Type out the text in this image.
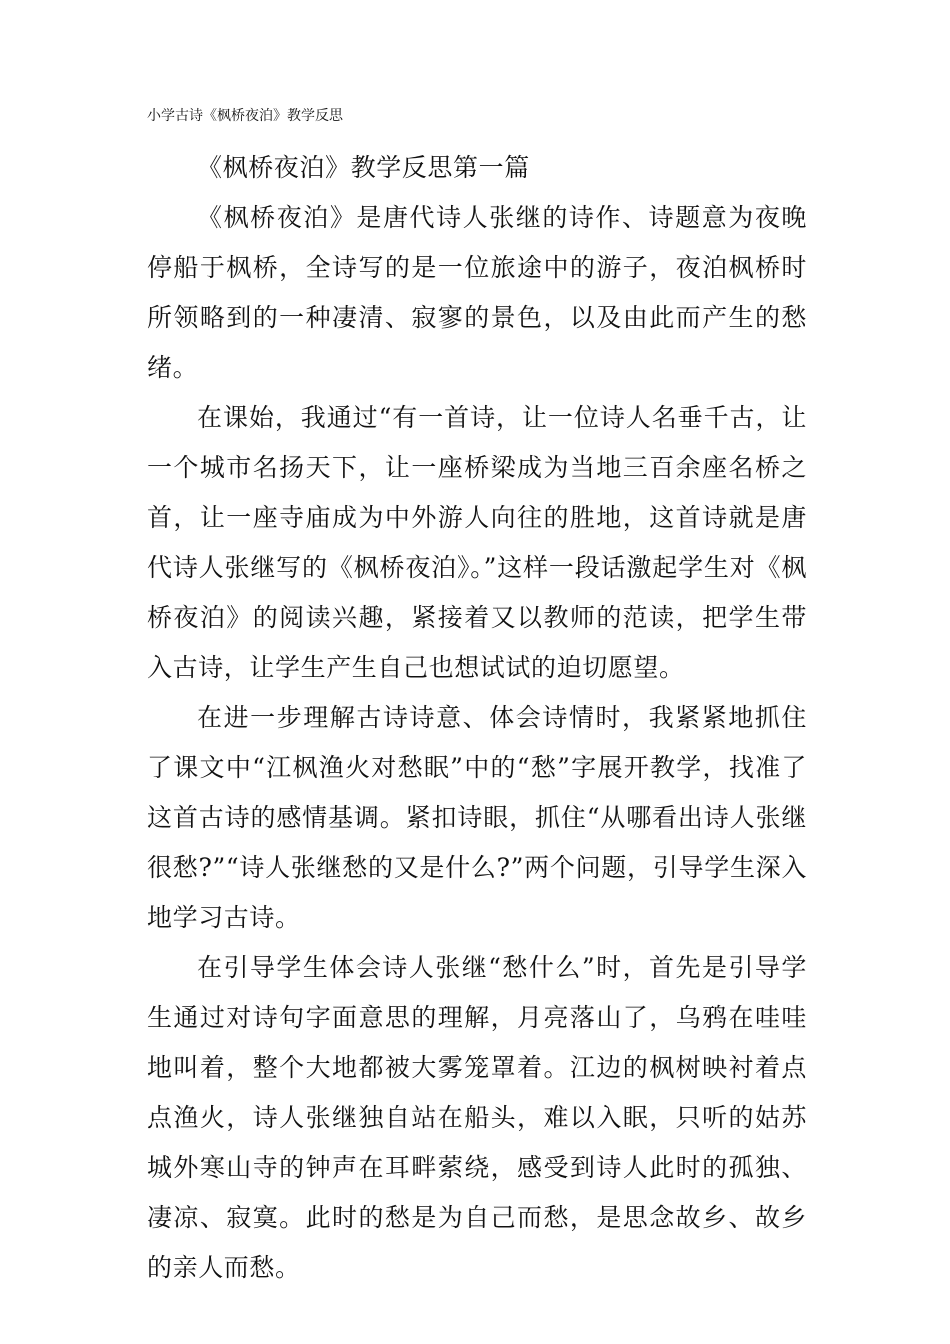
小学古诗《枫桥夜泊》教学反思

《枫桥夜泊》教学反思第一篇

《枫桥夜泊》是唐代诗人张继的诗作、诗题意为夜晚停船于枫桥，全诗写的是一位旅途中的游子，夜泊枫桥时所领略到的一种凄清、寂寥的景色，以及由此而产生的愁绪。

在课始，我通过“有一首诗，让一位诗人名垂千古，让一个城市名扬天下，让一座桥梁成为当地三百余座名桥之首，让一座寺庙成为中外游人向往的胜地，这首诗就是唐代诗人张继写的《枫桥夜泊》。”这样一段话激起学生对《枫桥夜泊》的阅读兴趣，紧接着又以教师的范读，把学生带入古诗，让学生产生自己也想试试的迫切愿望。

在进一步理解古诗诗意、体会诗情时，我紧紧地抓住了课文中“江枫渔火对愁眠”中的“愁”字展开教学，找准了这首古诗的感情基调。紧扣诗眼，抓住“从哪看出诗人张继很愁?”“诗人张继愁的又是什么?”两个问题，引导学生深入地学习古诗。

在引导学生体会诗人张继“愁什么”时，首先是引导学生通过对诗句字面意思的理解，月亮落山了，乌鸦在哇哇地叫着，整个大地都被大雾笼罩着。江边的枫树映衬着点点渔火，诗人张继独自站在船头，难以入眠，只听的姑苏城外寒山寺的钟声在耳畔萦绕，感受到诗人此时的孤独、凄凉、寂寞。此时的愁是为自己而愁，是思念故乡、故乡的亲人而愁。
